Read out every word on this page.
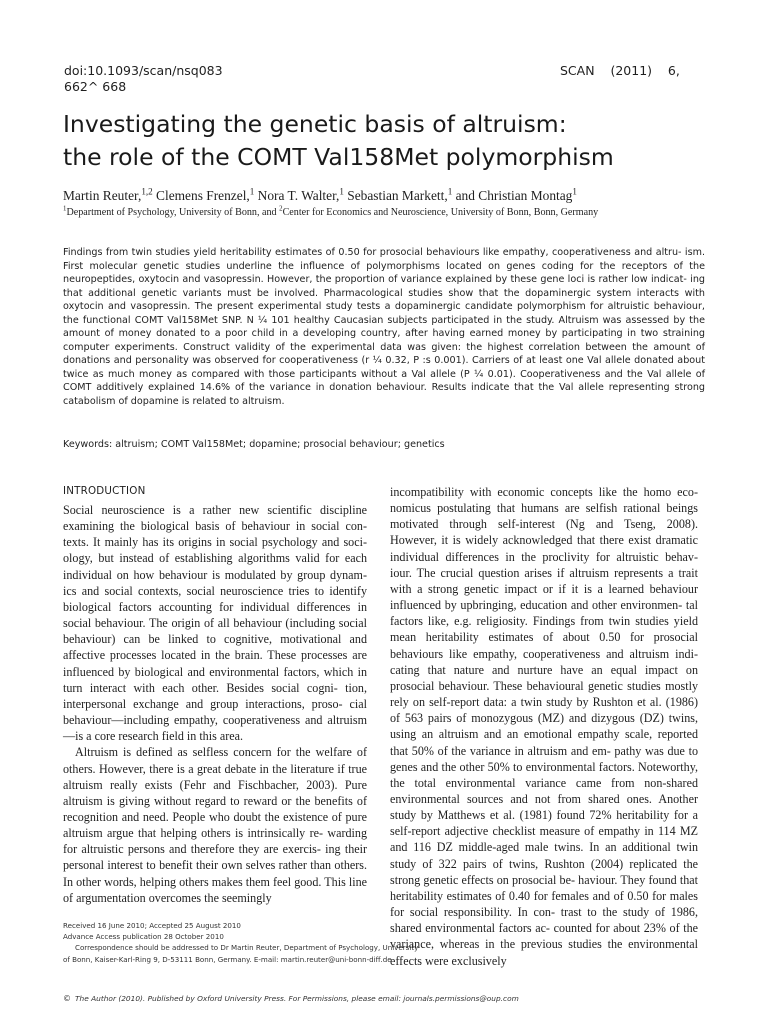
doi:10.1093/scan/nsq083
662^ 668
SCAN    (2011)    6,
Investigating the genetic basis of altruism:
the role of the COMT Val158Met polymorphism
Martin Reuter,$^{1,2}$ Clemens Frenzel,$^1$ Nora T. Walter,$^1$ Sebastian Markett,$^1$ and Christian Montag$^1$
$^1$Department of Psychology, University of Bonn, and $^2$Center for Economics and Neuroscience, University of Bonn, Bonn, Germany
Findings from twin studies yield heritability estimates of 0.50 for prosocial behaviours like empathy, cooperativeness and altru- ism. First molecular genetic studies underline the influence of polymorphisms located on genes coding for the receptors of the neuropeptides, oxytocin and vasopressin. However, the proportion of variance explained by these gene loci is rather low indicat- ing that additional genetic variants must be involved. Pharmacological studies show that the dopaminergic system interacts with oxytocin and vasopressin. The present experimental study tests a dopaminergic candidate polymorphism for altruistic behaviour, the functional COMT Val158Met SNP. N ¼ 101 healthy Caucasian subjects participated in the study. Altruism was assessed by the amount of money donated to a poor child in a developing country, after having earned money by participating in two straining computer experiments. Construct validity of the experimental data was given: the highest correlation between the amount of donations and personality was observed for cooperativeness (r ¼ 0.32, P :s 0.001). Carriers of at least one Val allele donated about twice as much money as compared with those participants without a Val allele (P ¼ 0.01). Cooperativeness and the Val allele of COMT additively explained 14.6% of the variance in donation behaviour. Results indicate that the Val allele representing strong catabolism of dopamine is related to altruism.
Keywords: altruism; COMT Val158Met; dopamine; prosocial behaviour; genetics
INTRODUCTION

Social neuroscience is a rather new scientific discipline examining the biological basis of behaviour in social con- texts. It mainly has its origins in social psychology and soci- ology, but instead of establishing algorithms valid for each individual on how behaviour is modulated by group dynam- ics and social contexts, social neuroscience tries to identify biological factors accounting for individual differences in social behaviour. The origin of all behaviour (including social behaviour) can be linked to cognitive, motivational and affective processes located in the brain. These processes are influenced by biological and environmental factors, which in turn interact with each other. Besides social cogni- tion, interpersonal exchange and group interactions, proso- cial behaviour—including empathy, cooperativeness and altruism—is a core research field in this area.

Altruism is defined as selfless concern for the welfare of others. However, there is a great debate in the literature if true altruism really exists (Fehr and Fischbacher, 2003). Pure altruism is giving without regard to reward or the benefits of recognition and need. People who doubt the existence of pure altruism argue that helping others is intrinsically re- warding for altruistic persons and therefore they are exercis- ing their personal interest to benefit their own selves rather than others. In other words, helping others makes them feel good. This line of argumentation overcomes the seemingly

incompatibility with economic concepts like the homo eco- nomicus postulating that humans are selfish rational beings motivated through self-interest (Ng and Tseng, 2008). However, it is widely acknowledged that there exist dramatic individual differences in the proclivity for altruistic behav- iour. The crucial question arises if altruism represents a trait with a strong genetic impact or if it is a learned behaviour influenced by upbringing, education and other environmen- tal factors like, e.g. religiosity. Findings from twin studies yield mean heritability estimates of about 0.50 for prosocial behaviours like empathy, cooperativeness and altruism indi- cating that nature and nurture have an equal impact on prosocial behaviour. These behavioural genetic studies mostly rely on self-report data: a twin study by Rushton et al. (1986) of 563 pairs of monozygous (MZ) and dizygous (DZ) twins, using an altruism and an emotional empathy scale, reported that 50% of the variance in altruism and em- pathy was due to genes and the other 50% to environmental factors. Noteworthy, the total environmental variance came from non-shared environmental sources and not from shared ones. Another study by Matthews et al. (1981) found 72% heritability for a self-report adjective checklist measure of empathy in 114 MZ and 116 DZ middle-aged male twins. In an additional twin study of 322 pairs of twins, Rushton (2004) replicated the strong genetic effects on prosocial be- haviour. They found that heritability estimates of 0.40 for females and of 0.50 for males for social responsibility. In con- trast to the study of 1986, shared environmental factors ac- counted for about 23% of the variance, whereas in the previous studies the environmental effects were exclusively

Received 16 June 2010; Accepted 25 August 2010
Advance Access publication 28 October 2010
Correspondence should be addressed to Dr Martin Reuter, Department of Psychology, University
of Bonn, Kaiser-Karl-Ring 9, D-53111 Bonn, Germany. E-mail: martin.reuter@uni-bonn-diff.de
© The Author (2010). Published by Oxford University Press. For Permissions, please email: journals.permissions@oup.com
